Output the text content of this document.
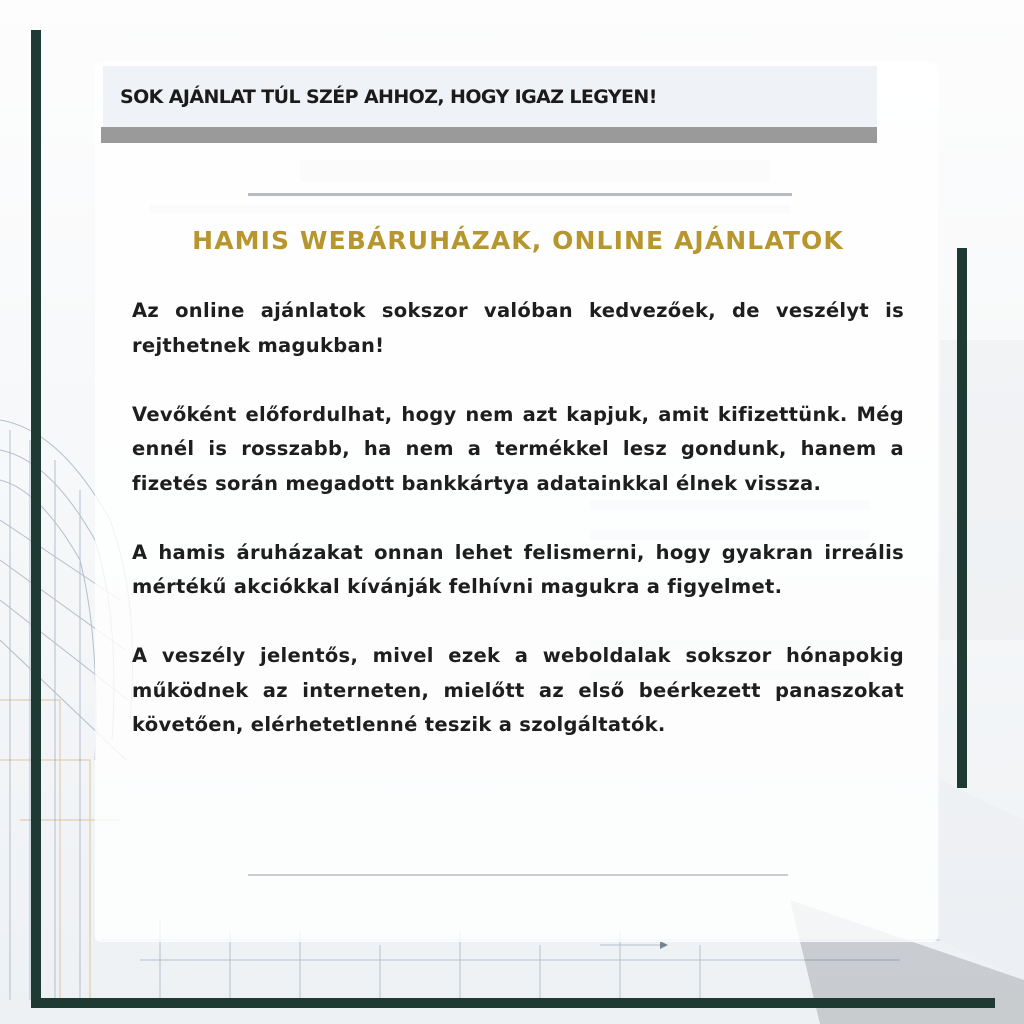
SOK AJÁNLAT TÚL SZÉP AHHOZ, HOGY IGAZ LEGYEN!
HAMIS WEBÁRUHÁZAK, ONLINE AJÁNLATOK

Az online ajánlatok sokszor valóban kedvezőek, de veszélyt is rejthetnek magukban!

Vevőként előfordulhat, hogy nem azt kapjuk, amit kifizettünk. Még ennél is rosszabb, ha nem a termékkel lesz gondunk, hanem a fizetés során megadott bankkártya adatainkkal élnek vissza.

A hamis áruházakat onnan lehet felismerni, hogy gyakran irreális mértékű akciókkal kívánják felhívni magukra a figyelmet.

A veszély jelentős, mivel ezek a weboldalak sokszor hónapokig működnek az interneten, mielőtt az első beérkezett panaszokat követően, elérhetetlenné teszik a szolgáltatók.
